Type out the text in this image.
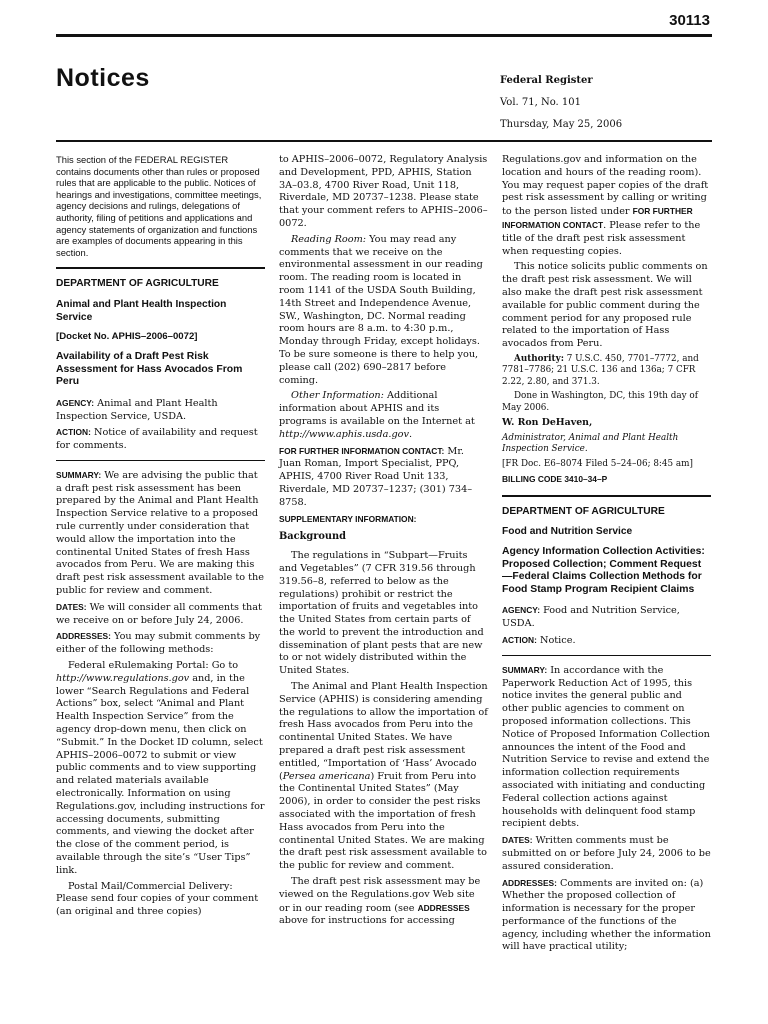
30113
Notices	Federal Register
Vol. 71, No. 101
Thursday, May 25, 2006

This section of the FEDERAL REGISTER contains documents other than rules or proposed rules that are applicable to the public. Notices of hearings and investigations, committee meetings, agency decisions and rulings, delegations of authority, filing of petitions and applications and agency statements of organization and functions are examples of documents appearing in this section.

DEPARTMENT OF AGRICULTURE

Animal and Plant Health Inspection Service

[Docket No. APHIS–2006–0072]

Availability of a Draft Pest Risk Assessment for Hass Avocados From Peru

AGENCY: Animal and Plant Health Inspection Service, USDA.

ACTION: Notice of availability and request for comments.

SUMMARY: We are advising the public that a draft pest risk assessment has been prepared by the Animal and Plant Health Inspection Service relative to a proposed rule currently under consideration that would allow the importation into the continental United States of fresh Hass avocados from Peru. We are making this draft pest risk assessment available to the public for review and comment.

DATES: We will consider all comments that we receive on or before July 24, 2006.

ADDRESSES: You may submit comments by either of the following methods:

Federal eRulemaking Portal: Go to http://www.regulations.gov and, in the lower “Search Regulations and Federal Actions” box, select “Animal and Plant Health Inspection Service” from the agency drop-down menu, then click on “Submit.” In the Docket ID column, select APHIS–2006–0072 to submit or view public comments and to view supporting and related materials available electronically. Information on using Regulations.gov, including instructions for accessing documents, submitting comments, and viewing the docket after the close of the comment period, is available through the site’s “User Tips” link.

Postal Mail/Commercial Delivery: Please send four copies of your comment (an original and three copies)

to APHIS–2006–0072, Regulatory Analysis and Development, PPD, APHIS, Station 3A–03.8, 4700 River Road, Unit 118, Riverdale, MD 20737–1238. Please state that your comment refers to APHIS–2006–0072.

Reading Room: You may read any comments that we receive on the environmental assessment in our reading room. The reading room is located in room 1141 of the USDA South Building, 14th Street and Independence Avenue, SW., Washington, DC. Normal reading room hours are 8 a.m. to 4:30 p.m., Monday through Friday, except holidays. To be sure someone is there to help you, please call (202) 690–2817 before coming.

Other Information: Additional information about APHIS and its programs is available on the Internet at http://www.aphis.usda.gov.

FOR FURTHER INFORMATION CONTACT: Mr. Juan Roman, Import Specialist, PPQ, APHIS, 4700 River Road Unit 133, Riverdale, MD 20737–1237; (301) 734–8758.

SUPPLEMENTARY INFORMATION:

Background

The regulations in “Subpart—Fruits and Vegetables” (7 CFR 319.56 through 319.56–8, referred to below as the regulations) prohibit or restrict the importation of fruits and vegetables into the United States from certain parts of the world to prevent the introduction and dissemination of plant pests that are new to or not widely distributed within the United States.

The Animal and Plant Health Inspection Service (APHIS) is considering amending the regulations to allow the importation of fresh Hass avocados from Peru into the continental United States. We have prepared a draft pest risk assessment entitled, “Importation of ‘Hass’ Avocado (Persea americana) Fruit from Peru into the Continental United States” (May 2006), in order to consider the pest risks associated with the importation of fresh Hass avocados from Peru into the continental United States. We are making the draft pest risk assessment available to the public for review and comment.

The draft pest risk assessment may be viewed on the Regulations.gov Web site or in our reading room (see ADDRESSES above for instructions for accessing

Regulations.gov and information on the location and hours of the reading room). You may request paper copies of the draft pest risk assessment by calling or writing to the person listed under FOR FURTHER INFORMATION CONTACT. Please refer to the title of the draft pest risk assessment when requesting copies.

This notice solicits public comments on the draft pest risk assessment. We will also make the draft pest risk assessment available for public comment during the comment period for any proposed rule related to the importation of Hass avocados from Peru.

Authority: 7 U.S.C. 450, 7701–7772, and 7781–7786; 21 U.S.C. 136 and 136a; 7 CFR 2.22, 2.80, and 371.3.

Done in Washington, DC, this 19th day of May 2006.

W. Ron DeHaven,

Administrator, Animal and Plant Health Inspection Service.

[FR Doc. E6–8074 Filed 5–24–06; 8:45 am]

BILLING CODE 3410–34–P

DEPARTMENT OF AGRICULTURE

Food and Nutrition Service

Agency Information Collection Activities: Proposed Collection; Comment Request—Federal Claims Collection Methods for Food Stamp Program Recipient Claims

AGENCY: Food and Nutrition Service, USDA.

ACTION: Notice.

SUMMARY: In accordance with the Paperwork Reduction Act of 1995, this notice invites the general public and other public agencies to comment on proposed information collections. This Notice of Proposed Information Collection announces the intent of the Food and Nutrition Service to revise and extend the information collection requirements associated with initiating and conducting Federal collection actions against households with delinquent food stamp recipient debts.

DATES: Written comments must be submitted on or before July 24, 2006 to be assured consideration.

ADDRESSES: Comments are invited on: (a) Whether the proposed collection of information is necessary for the proper performance of the functions of the agency, including whether the information will have practical utility;
